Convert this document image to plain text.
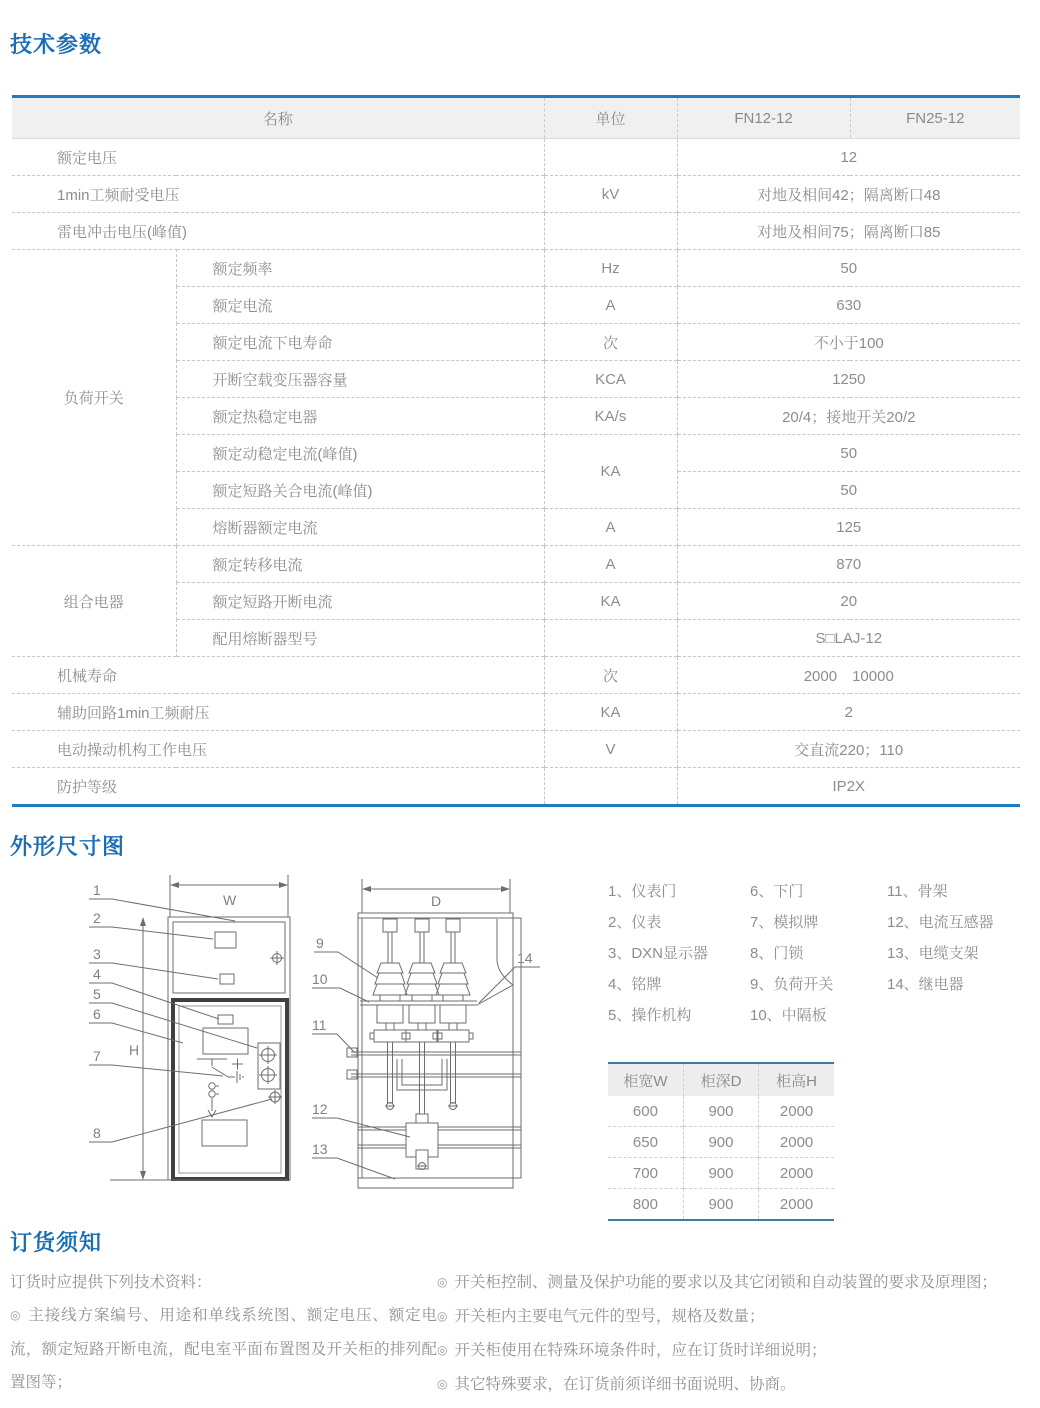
技术参数
外形尺寸图
订货须知
名称		单位	FN12-12	FN25-12
额定电压			12	
1min工频耐受电压		kV	对地及相间42；隔离断口48	
雷电冲击电压(峰值)			对地及相间75；隔离断口85	
负荷开关	额定频率	Hz	50	
	额定电流	A	630	
	额定电流下电寿命	次	不小于100	
	开断空载变压器容量	KCA	1250	
	额定热稳定电器	KA/s	20/4；接地开关20/2	
	额定动稳定电流(峰值)	KA	50	
	额定短路关合电流(峰值)		50	
	熔断器额定电流	A	125	
组合电器	额定转移电流	A	870	
	额定短路开断电流	KA	20	
	配用熔断器型号		S□LAJ-12	
机械寿命		次	2000　10000	
辅助回路1min工频耐压		KA	2	
电动操动机构工作电压		V	交直流220；110	
防护等级			IP2X	
W
H
1
2
3
4
5
6
7
8
D
9
10
11
12
13
14
1、仪表门
2、仪表
3、DXN显示器
4、铭牌
5、操作机构
6、下门
7、模拟牌
8、门锁
9、负荷开关
10、中隔板
11、骨架
12、电流互感器
13、电缆支架
14、继电器
柜宽W	柜深D	柜高H
600	900	2000
650	900	2000
700	900	2000
800	900	2000
订货时应提供下列技术资料：
◎ 主接线方案编号、用途和单线系统图、额定电压、额定电流，额定短路开断电流，配电室平面布置图及开关柜的排列配置图等；
◎ 开关柜控制、测量及保护功能的要求以及其它闭锁和自动装置的要求及原理图；
◎ 开关柜内主要电气元件的型号，规格及数量；
◎ 开关柜使用在特殊环境条件时，应在订货时详细说明；
◎ 其它特殊要求，在订货前须详细书面说明、协商。
